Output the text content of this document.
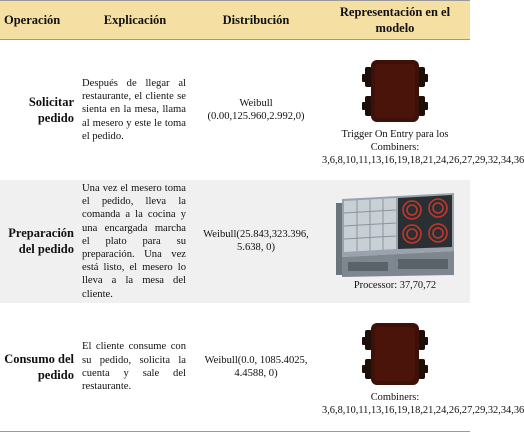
Operación	Explicación	Distribución	Representación en el modelo
Solicitar pedido	Después de llegar al restaurante, el cliente se sienta en la mesa, llama al mesero y este le toma el pedido.	Weibull (0.00,125.960,2.992,0)	Trigger On Entry para los Combiners: 3,6,8,10,11,13,16,19,18,21,24,26,27,29,32,34,36

Preparación del pedido	Una vez el mesero toma el pedido, lleva la comanda a la cocina y una encargada marcha el plato para su preparación. Una vez está listo, el mesero lo lleva a la mesa del cliente.	Weibull(25.843,323.396, 5.638, 0)	Processor: 37,70,72

Consumo del pedido	El cliente consume con su pedido, solicita la cuenta y sale del restaurante.	Weibull(0.0, 1085.4025, 4.4588, 0)	Combiners: 3,6,8,10,11,13,16,19,18,21,24,26,27,29,32,34,36
